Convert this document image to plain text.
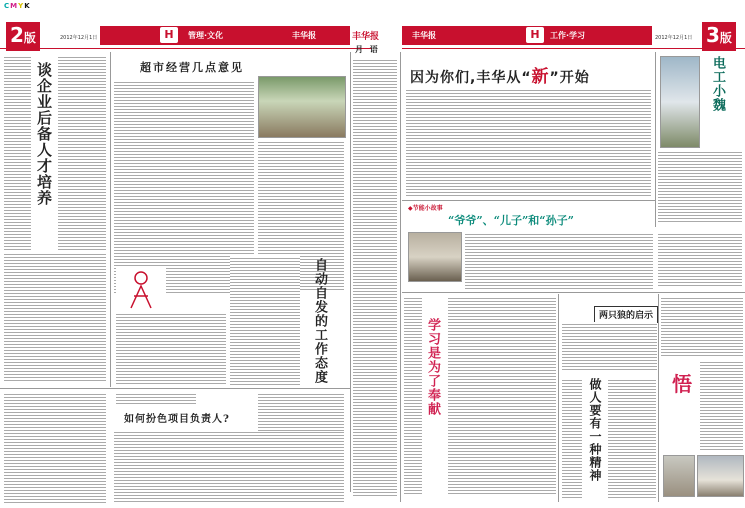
CMYK
2版	2012年12月1日	H	管理·文化	丰华报
谈企业后备人才培养	超市经营几点意见
自动自发的工作态度
如何扮色项目负责人?
丰华报
月 语
丰华报	H	工作·学习	2012年12月1日 3版
因为你们,丰华从“新”开始	电工小魏
◆节能小故事
“爷爷”、“儿子”和“孙子”
学习是为了奉献
两只狼的启示
做人要有一种精神	悟
